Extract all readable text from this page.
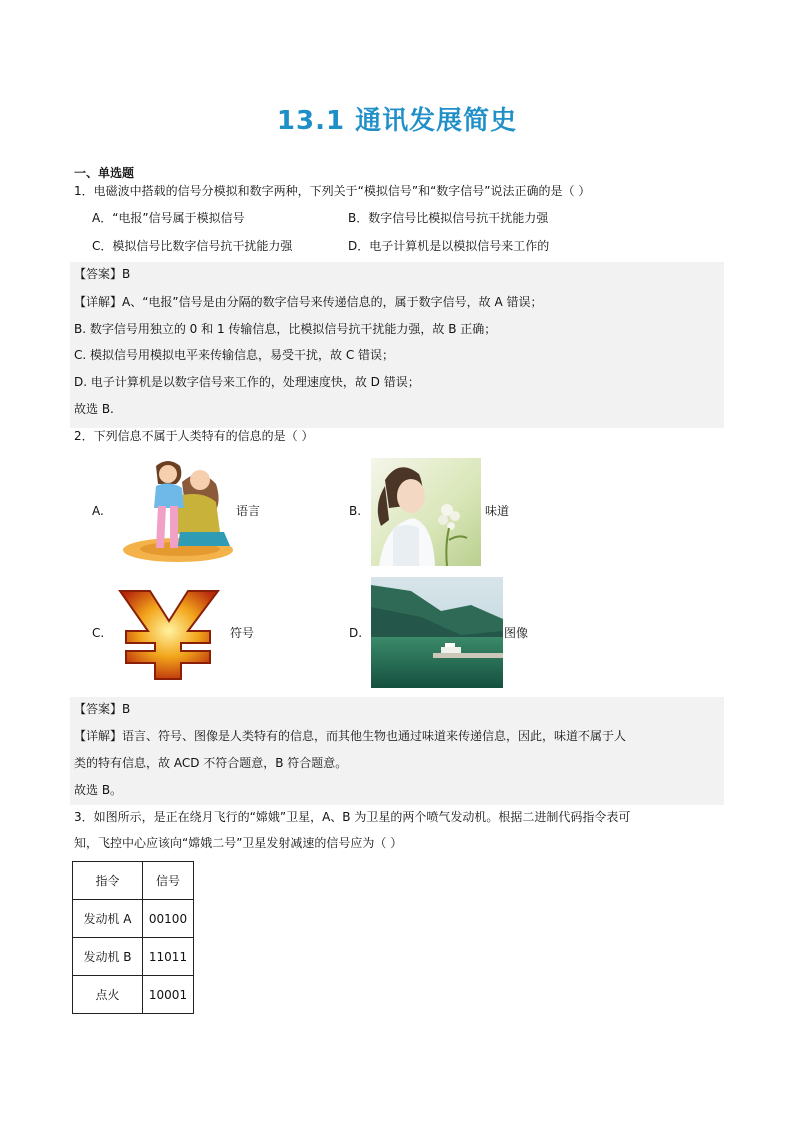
13.1 通讯发展简史
一、单选题
1．电磁波中搭载的信号分模拟和数字两种，下列关于“模拟信号”和“数字信号”说法正确的是（ ）
A．“电报”信号属于模拟信号	B．数字信号比模拟信号抗干扰能力强
C．模拟信号比数字信号抗干扰能力强	D．电子计算机是以模拟信号来工作的
【答案】B
【详解】A、“电报”信号是由分隔的数字信号来传递信息的，属于数字信号，故 A 错误；
B. 数字信号用独立的 0 和 1 传输信息，比模拟信号抗干扰能力强，故 B 正确；
C. 模拟信号用模拟电平来传输信息，易受干扰，故 C 错误；
D. 电子计算机是以数字信号来工作的，处理速度快，故 D 错误；
故选 B.
2．下列信息不属于人类特有的信息的是（ ）
A.	语言	B.	味道
C.	符号	D.	图像
【答案】B
【详解】语言、符号、图像是人类特有的信息，而其他生物也通过味道来传递信息，因此，味道不属于人
类的特有信息，故 ACD 不符合题意，B 符合题意。
故选 B。
3．如图所示，是正在绕月飞行的“嫦娥”卫星，A、B 为卫星的两个喷气发动机。根据二进制代码指令表可
知，飞控中心应该向“嫦娥二号”卫星发射减速的信号应为（ ）
指令	信号
发动机 A	00100
发动机 B	11011
点火	10001
